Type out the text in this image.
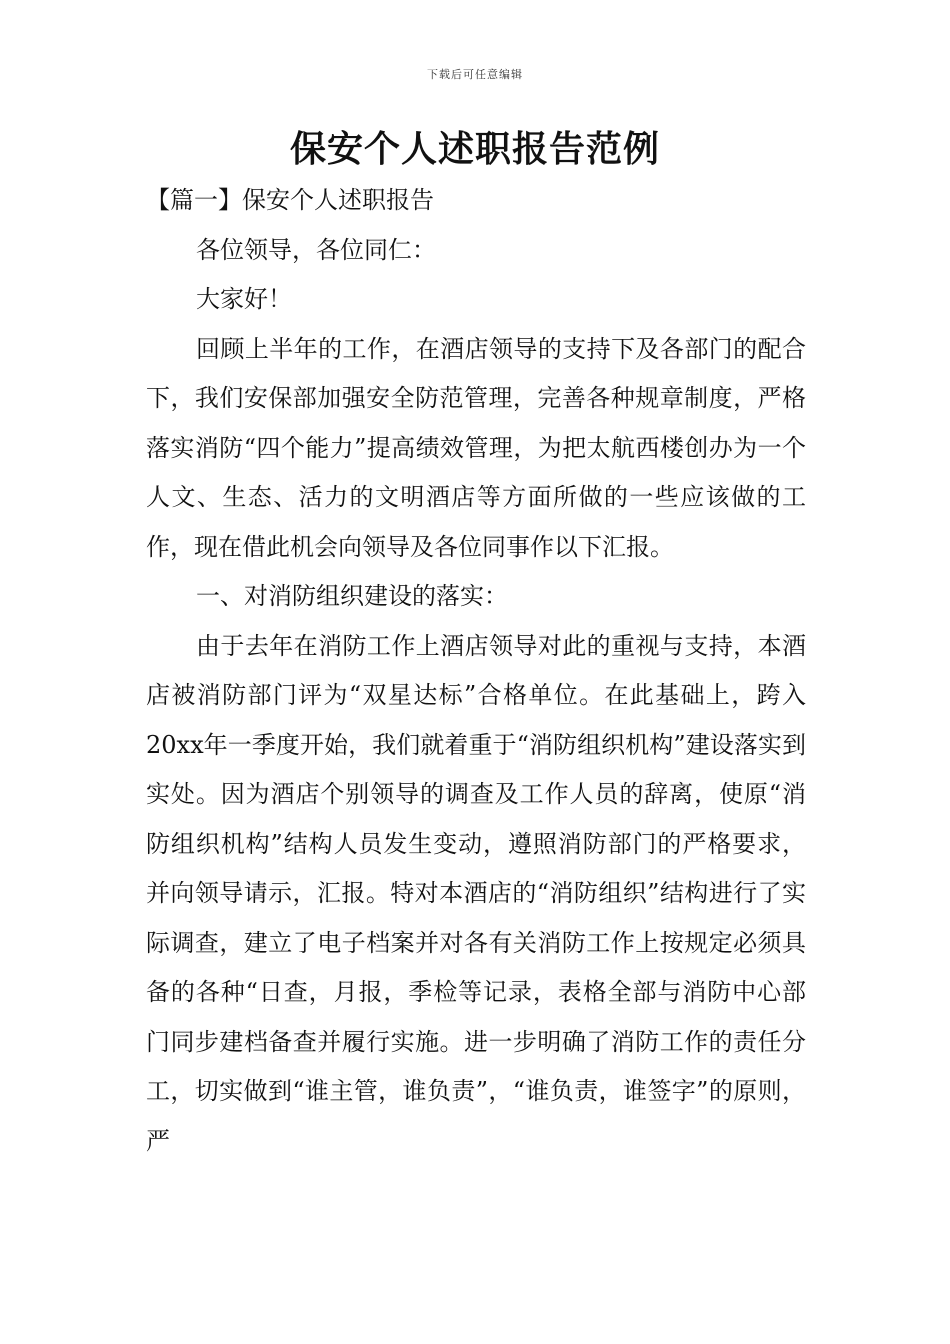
下载后可任意编辑
保安个人述职报告范例

【篇一】保安个人述职报告

各位领导，各位同仁：

大家好！

回顾上半年的工作，在酒店领导的支持下及各部门的配合下，我们安保部加强安全防范管理，完善各种规章制度，严格落实消防“四个能力”提高绩效管理，为把太航西楼创办为一个人文、生态、活力的文明酒店等方面所做的一些应该做的工作，现在借此机会向领导及各位同事作以下汇报。

一、对消防组织建设的落实：

由于去年在消防工作上酒店领导对此的重视与支持，本酒店被消防部门评为“双星达标”合格单位。在此基础上，跨入20xx年一季度开始，我们就着重于“消防组织机构”建设落实到实处。因为酒店个别领导的调查及工作人员的辞离，使原“消防组织机构”结构人员发生变动，遵照消防部门的严格要求，并向领导请示，汇报。特对本酒店的“消防组织”结构进行了实际调查，建立了电子档案并对各有关消防工作上按规定必须具备的各种“日查，月报，季检等记录，表格全部与消防中心部门同步建档备查并履行实施。进一步明确了消防工作的责任分工，切实做到“谁主管，谁负责”，“谁负责，谁签字”的原则，严
